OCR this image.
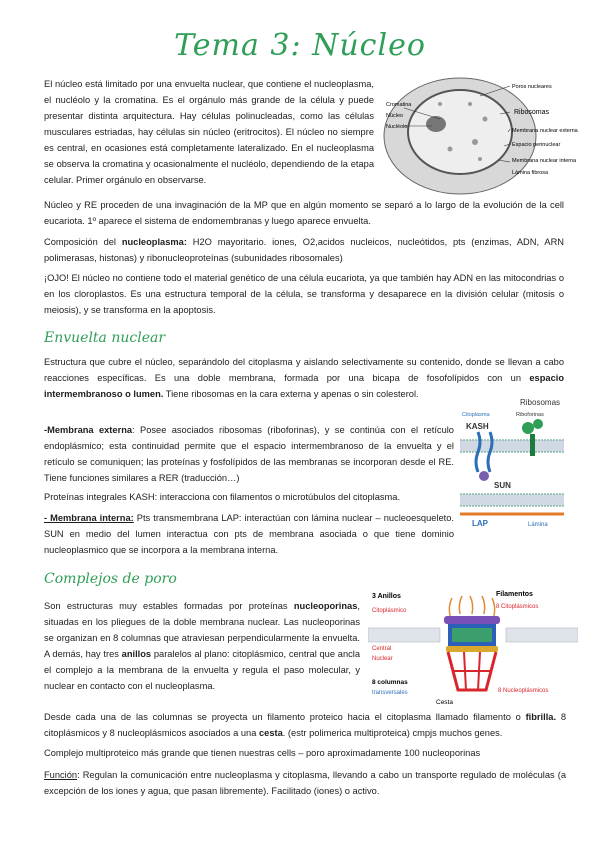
Tema 3: Núcleo
El núcleo está limitado por una envuelta nuclear, que contiene el nucleoplasma, el nucléolo y la cromatina. Es el orgánulo más grande de la célula y puede presentar distinta arquitectura. Hay células polinucleadas, como las células musculares estriadas, hay células sin núcleo (eritrocitos). El núcleo no siempre es central, en ocasiones está completamente lateralizado. En el nucleoplasma se observa la cromatina y ocasionalmente el nucléolo, dependiendo de la etapa celular. Primer orgánulo en observarse.
Cromatina
Núcleo
Nucléolo
Poros nucleares
Ribosomas
Membrana nuclear externa
Espacio perinuclear
Membrana nuclear interna
Lámina fibrosa
Núcleo y RE proceden de una invaginación de la MP que en algún momento se separó a lo largo de la evolución de la cell eucariota. 1º aparece el sistema de endomembranas y luego aparece envuelta.
Composición del nucleoplasma: H2O mayoritario. iones, O2,acidos nucleicos, nucleótidos, pts (enzimas, ADN, ARN polimerasas, histonas) y ribonucleoproteínas (subunidades ribosomales)
¡OJO! El núcleo no contiene todo el material genético de una célula eucariota, ya que también hay ADN en las mitocondrias o en los cloroplastos. Es una estructura temporal de la célula, se transforma y desaparece en la división celular (mitosis o meiosis), y se transforma en la apoptosis.
Envuelta nuclear
Estructura que cubre el núcleo, separándolo del citoplasma y aislando selectivamente su contenido, donde se llevan a cabo reacciones específicas. Es una doble membrana, formada por una bicapa de fosofolípidos con un espacio intermembranoso o lumen. Tiene ribosomas en la cara externa y apenas o sin colesterol.
-Membrana externa: Posee asociados ribosomas (riboforinas), y se continúa con el retículo endoplásmico; esta continuidad permite que el espacio intermembranoso de la envuelta y el retículo se comuniquen; las proteínas y fosfolípidos de las membranas se incorporan desde el RE. Tiene funciones similares a RER (traducción…)
Proteínas integrales KASH: interacciona con filamentos o microtúbulos del citoplasma.
- Membrana interna: Pts transmembrana LAP: interactúan con lámina nuclear – nucleoesqueleto. SUN en medio del lumen interactua con pts de membrana asociada o que tiene dominio nucleoplasmico que se incorpora a la membrana interna.
Ribosomas
Citoplasma	Riboforinas
KASH
SUN
LAP	Lámina
Complejos de poro
Son estructuras muy estables formadas por proteínas nucleoporinas, situadas en los pliegues de la doble membrana nuclear. Las nucleoporinas se organizan en 8 columnas que atraviesan perpendicularmente la envuelta. A demás, hay tres anillos paralelos al plano: citoplásmico, central que ancla el complejo a la membrana de la envuelta y regula el paso molecular, y nuclear en contacto con el nucleoplasma.
3 Anillos	Filamentos
Citoplásmico
8 Citoplásmicos
Central
Nuclear
8 columnas
transversales
Cesta
8 Nucleoplásmicos
Desde cada una de las columnas se proyecta un filamento proteico hacia el citoplasma llamado filamento o fibrilla. 8 citoplásmicos y 8 nucleoplásmicos asociados a una cesta. (estr polimerica multiproteica) cmpjs muchos genes.
Complejo multiproteico más grande que tienen nuestras cells – poro aproximadamente 100 nucleoporinas
Función: Regulan la comunicación entre nucleoplasma y citoplasma, llevando a cabo un transporte regulado de moléculas (a excepción de los iones y agua, que pasan libremente). Facilitado (iones) o activo.
